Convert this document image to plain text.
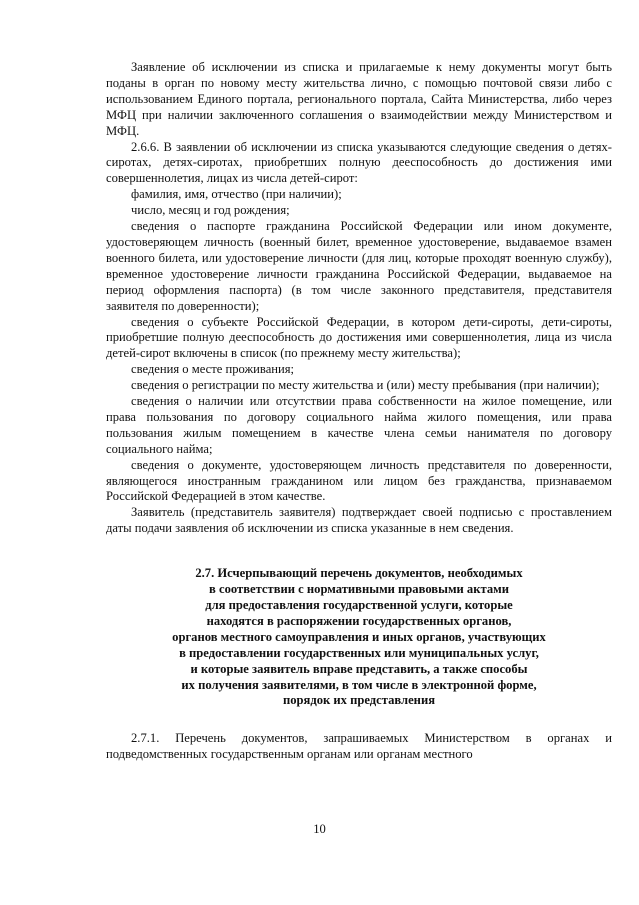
Заявление об исключении из списка и прилагаемые к нему документы могут быть поданы в орган по новому месту жительства лично, с помощью почтовой связи либо с использованием Единого портала, регионального портала, Сайта Министерства, либо через МФЦ при наличии заключенного соглашения о взаимодействии между Министерством и МФЦ.

2.6.6. В заявлении об исключении из списка указываются следующие сведения о детях-сиротах, детях-сиротах, приобретших полную дееспособность до достижения ими совершеннолетия, лицах из числа детей-сирот:

фамилия, имя, отчество (при наличии);

число, месяц и год рождения;

сведения о паспорте гражданина Российской Федерации или ином документе, удостоверяющем личность (военный билет, временное удостоверение, выдаваемое взамен военного билета, или удостоверение личности (для лиц, которые проходят военную службу), временное удостоверение личности гражданина Российской Федерации, выдаваемое на период оформления паспорта) (в том числе законного представителя, представителя заявителя по доверенности);

сведения о субъекте Российской Федерации, в котором дети-сироты, дети-сироты, приобретшие полную дееспособность до достижения ими совершеннолетия, лица из числа детей-сирот включены в список (по прежнему месту жительства);

сведения о месте проживания;

сведения о регистрации по месту жительства и (или) месту пребывания (при наличии);

сведения о наличии или отсутствии права собственности на жилое помещение, или права пользования по договору социального найма жилого помещения, или права пользования жилым помещением в качестве члена семьи нанимателя по договору социального найма;

сведения о документе, удостоверяющем личность представителя по доверенности, являющегося иностранным гражданином или лицом без гражданства, признаваемом Российской Федерацией в этом качестве.

Заявитель (представитель заявителя) подтверждает своей подписью с проставлением даты подачи заявления об исключении из списка указанные в нем сведения.

2.7. Исчерпывающий перечень документов, необходимых
в соответствии с нормативными правовыми актами
для предоставления государственной услуги, которые
находятся в распоряжении государственных органов,
органов местного самоуправления и иных органов, участвующих
в предоставлении государственных или муниципальных услуг,
и которые заявитель вправе представить, а также способы
их получения заявителями, в том числе в электронной форме,
порядок их представления

2.7.1. Перечень документов, запрашиваемых Министерством в органах и подведомственных государственным органам или органам местного

10
